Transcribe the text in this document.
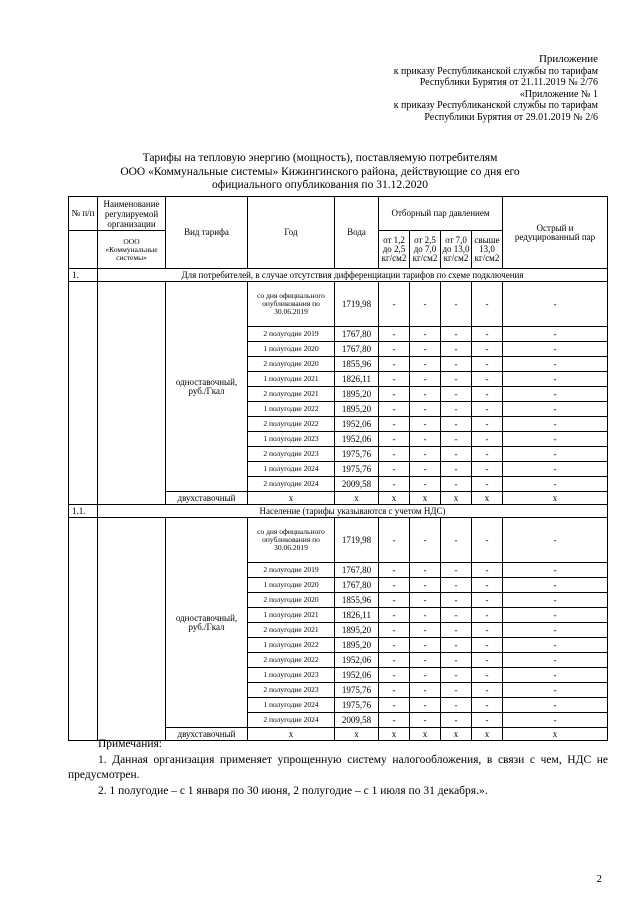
Приложение
к приказу Республиканской службы по тарифам
Республики Бурятия от 21.11.2019 № 2/76
«Приложение № 1
к приказу Республиканской службы по тарифам
Республики Бурятия от 29.01.2019 № 2/6
Тарифы на тепловую энергию (мощность), поставляемую потребителям
ООО «Коммунальные системы» Кижингинского района, действующие со дня его
официального опубликования по 31.12.2020
№ п/п	Наименование регулируемой организации	Вид тарифа	Год	Вода	Отборный пар давлением				Острый и редуцированный пар
	ООО «Коммунальные системы»				от 1,2 до 2,5 кг/см2	от 2,5 до 7,0 кг/см2	от 7,0 до 13,0 кг/см2	свыше 13,0 кг/см2	
1.	Для потребителей, в случае отсутствия дифференциации тарифов по схеме подключения								
		одноставочный, руб./Гкал	со дня официального опубликования по 30.06.2019	1719,98	-	-	-	-	-
			2 полугодие 2019	1767,80	-	-	-	-	-
			1 полугодие 2020	1767,80	-	-	-	-	-
			2 полугодие 2020	1855,96	-	-	-	-	-
			1 полугодие 2021	1826,11	-	-	-	-	-
			2 полугодие 2021	1895,20	-	-	-	-	-
			1 полугодие 2022	1895,20	-	-	-	-	-
			2 полугодие 2022	1952,06	-	-	-	-	-
			1 полугодие 2023	1952,06	-	-	-	-	-
			2 полугодие 2023	1975,76	-	-	-	-	-
			1 полугодие 2024	1975,76	-	-	-	-	-
			2 полугодие 2024	2009,58	-	-	-	-	-
		двухставочный	x	x	x	x	x	x	x
1.1.	Население (тарифы указываются с учетом НДС)								
		одноставочный, руб./Гкал	со дня официального опубликования по 30.06.2019	1719,98	-	-	-	-	-
			2 полугодие 2019	1767,80	-	-	-	-	-
			1 полугодие 2020	1767,80	-	-	-	-	-
			2 полугодие 2020	1855,96	-	-	-	-	-
			1 полугодие 2021	1826,11	-	-	-	-	-
			2 полугодие 2021	1895,20	-	-	-	-	-
			1 полугодие 2022	1895,20	-	-	-	-	-
			2 полугодие 2022	1952,06	-	-	-	-	-
			1 полугодие 2023	1952,06	-	-	-	-	-
			2 полугодие 2023	1975,76	-	-	-	-	-
			1 полугодие 2024	1975,76	-	-	-	-	-
			2 полугодие 2024	2009,58	-	-	-	-	-
		двухставочный	x	x	x	x	x	x	x

Примечания:

1. Данная организация применяет упрощенную систему налогообложения, в связи с чем, НДС не предусмотрен.

2. 1 полугодие – с 1 января по 30 июня, 2 полугодие – с 1 июля по 31 декабря.».

2
